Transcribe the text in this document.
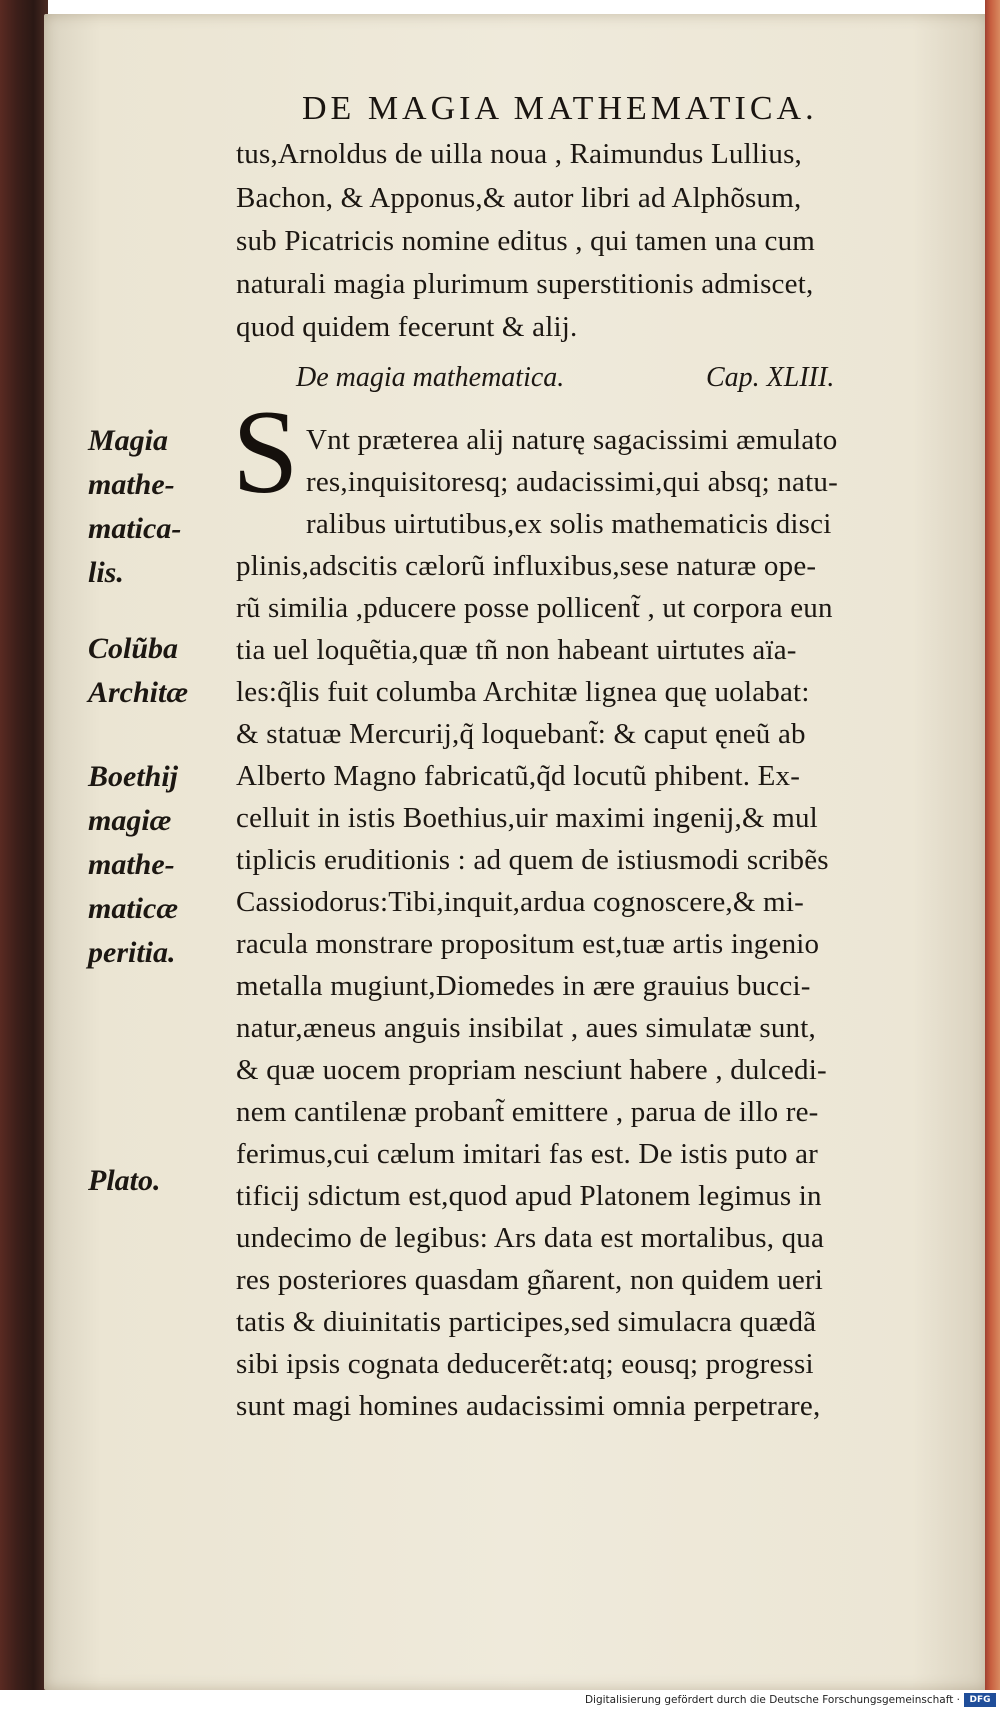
DE MAGIA MATHEMATICA.
tus,Arnoldus de uilla noua , Raimundus Lullius,
Bachon, & Apponus,& autor libri ad Alphõsum,
sub Picatricis nomine editus , qui tamen una cum
naturali magia plurimum superstitionis admiscet,
quod quidem fecerunt & alij.
De magia mathematica.	Cap. XLIII.
S Vnt præterea alij naturę sagacissimi æmulato
res,inquisitoresq; audacissimi,qui absq; natu-
ralibus uirtutibus,ex solis mathematicis disci
plinis,adscitis cælorũ influxibus,sese naturæ ope-
rũ similia ,pducere posse pollicent̃ , ut corpora eun
tia uel loquẽtia,quæ tñ non habeant uirtutes aïa-
les:q̃lis fuit columba Architæ lignea quę uolabat:
& statuæ Mercurij,q̃ loquebant̃: & caput ęneũ ab
Alberto Magno fabricatũ,q̃d locutũ phibent. Ex-
celluit in istis Boethius,uir maximi ingenij,& mul
tiplicis eruditionis : ad quem de istiusmodi scribẽs
Cassiodorus:Tibi,inquit,ardua cognoscere,& mi-
racula monstrare propositum est,tuæ artis ingenio
metalla mugiunt,Diomedes in ære grauius bucci-
natur,æneus anguis insibilat , aues simulatæ sunt,
& quæ uocem propriam nesciunt habere , dulcedi-
nem cantilenæ probant̃ emittere , parua de illo re-
ferimus,cui cælum imitari fas est. De istis puto ar
tificij sdictum est,quod apud Platonem legimus in
undecimo de legibus: Ars data est mortalibus, qua
res posteriores quasdam gñarent, non quidem ueri
tatis & diuinitatis participes,sed simulacra quædã
sibi ipsis cognata deducerẽt:atq; eousq; progressi
sunt magi homines audacissimi omnia perpetrare,
Magia
mathe-
matica-
lis.
Colũba
Architæ
Boethij
magiæ
mathe-
maticæ
peritia.
Plato.
Digitalisierung gefördert durch die Deutsche Forschungsgemeinschaft ·	DFG
